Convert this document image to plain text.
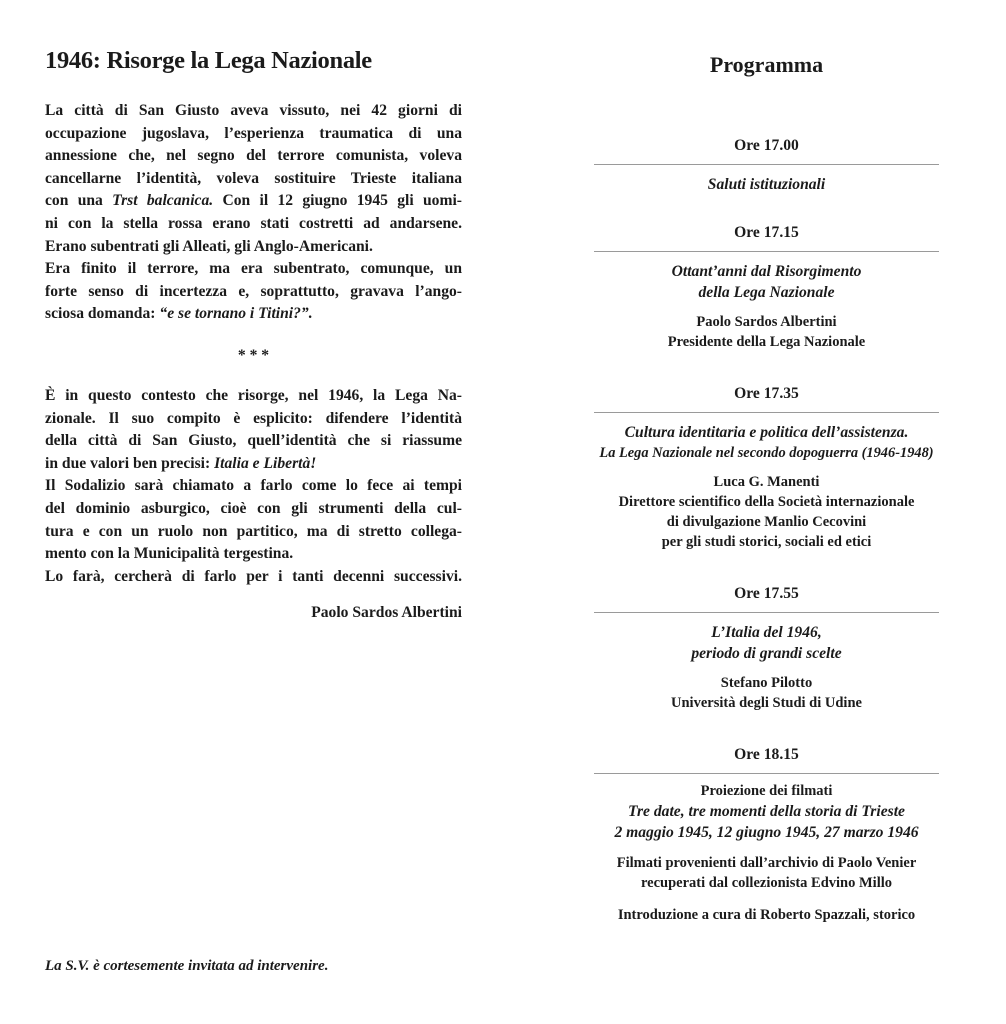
1946: Risorge la Lega Nazionale
La città di San Giusto aveva vissuto, nei 42 giorni di
occupazione jugoslava, l’esperienza traumatica di una
annessione che, nel segno del terrore comunista, voleva
cancellarne l’identità, voleva sostituire Trieste italiana
con una Trst balcanica. Con il 12 giugno 1945 gli uomi-
ni con la stella rossa erano stati costretti ad andarsene.
Erano subentrati gli Alleati, gli Anglo-Americani.
Era finito il terrore, ma era subentrato, comunque, un
forte senso di incertezza e, soprattutto, gravava l’ango-
sciosa domanda: “e se tornano i Titini?”.
* * *
È in questo contesto che risorge, nel 1946, la Lega Na-
zionale. Il suo compito è esplicito: difendere l’identità
della città di San Giusto, quell’identità che si riassume
in due valori ben precisi: Italia e Libertà!
Il Sodalizio sarà chiamato a farlo come lo fece ai tempi
del dominio asburgico, cioè con gli strumenti della cul-
tura e con un ruolo non partitico, ma di stretto collega-
mento con la Municipalità tergestina.
Lo farà, cercherà di farlo per i tanti decenni successivi.
Paolo Sardos Albertini
La S.V. è cortesemente invitata ad intervenire.
Programma
Ore 17.00
Saluti istituzionali
Ore 17.15
Ottant’anni dal Risorgimento
della Lega Nazionale
Paolo Sardos Albertini
Presidente della Lega Nazionale
Ore 17.35
Cultura identitaria e politica dell’assistenza.
La Lega Nazionale nel secondo dopoguerra (1946-1948)
Luca G. Manenti
Direttore scientifico della Società internazionale
di divulgazione Manlio Cecovini
per gli studi storici, sociali ed etici
Ore 17.55
L’Italia del 1946,
periodo di grandi scelte
Stefano Pilotto
Università degli Studi di Udine
Ore 18.15
Proiezione dei filmati
Tre date, tre momenti della storia di Trieste
2 maggio 1945, 12 giugno 1945, 27 marzo 1946
Filmati provenienti dall’archivio di Paolo Venier
recuperati dal collezionista Edvino Millo
Introduzione a cura di Roberto Spazzali, storico
